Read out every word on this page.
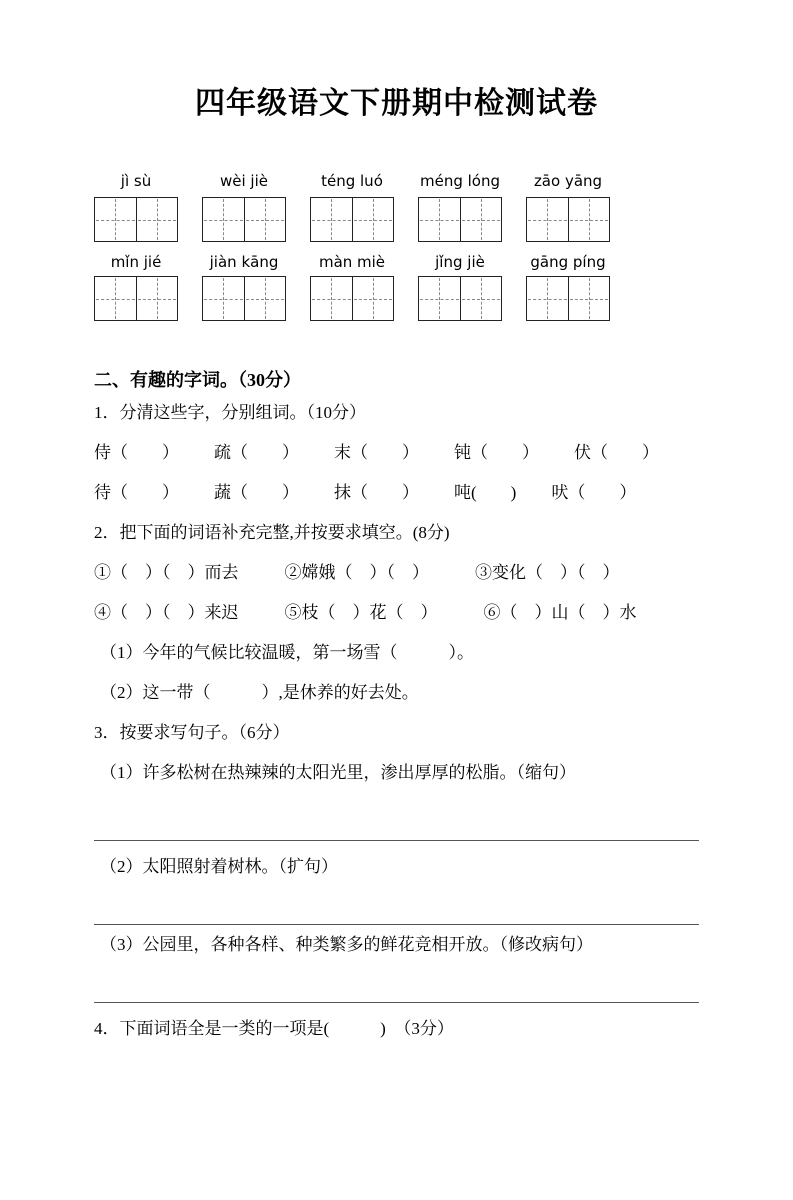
四年级语文下册期中检测试卷
jì sù	wèi jiè	téng luó	méng lóng	zāo yāng
mǐn jié	jiàn kāng	màn miè	jǐng jiè	gāng píng
二、有趣的字词。（30分）

1．分清这些字，分别组词。（10分）

侍（　　） 疏（　　） 末（　　） 钝（　　） 伏（　　）
待（　　） 蔬（　　） 抹（　　） 吨(　　) 吠（　　）

2．把下面的词语补充完整,并按要求填空。(8分)

①（　）（　）而去	②嫦娥（　）（　）	③变化（　）（　）
④（　）（　）来迟	⑤枝（　）花（　）	⑥（　）山（　）水

（1）今年的气候比较温暖，第一场雪（　　　）。

（2）这一带（　　　）,是休养的好去处。

3．按要求写句子。（6分）

（1）许多松树在热辣辣的太阳光里，渗出厚厚的松脂。（缩句）

（2）太阳照射着树林。（扩句）

（3）公园里，各种各样、种类繁多的鲜花竞相开放。（修改病句）

4．下面词语全是一类的一项是(　　　)　（3分）
